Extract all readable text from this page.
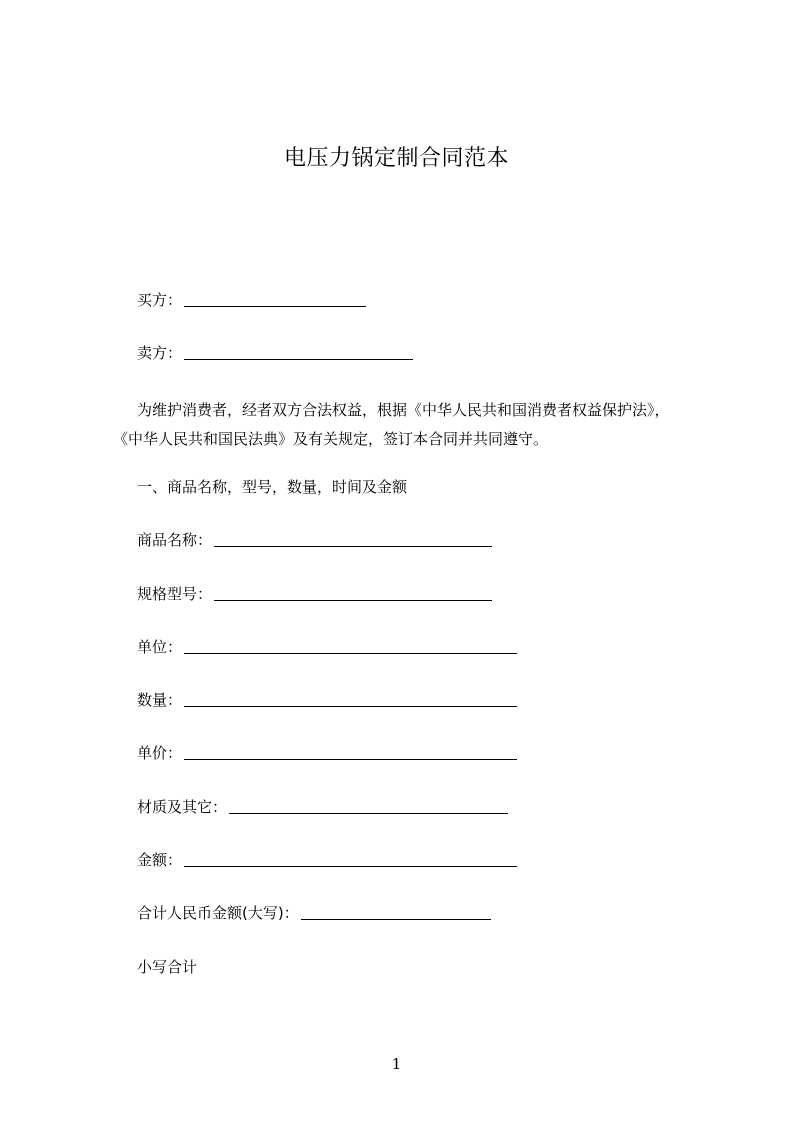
电压力锅定制合同范本
买方：
卖方：
为维护消费者，经者双方合法权益，根据《中华人民共和国消费者权益保护法》，
《中华人民共和国民法典》及有关规定，签订本合同并共同遵守。
一、商品名称，型号，数量，时间及金额
商品名称：
规格型号：
单位：
数量：
单价：
材质及其它：
金额：
合计人民币金额(大写)：
小写合计
1
